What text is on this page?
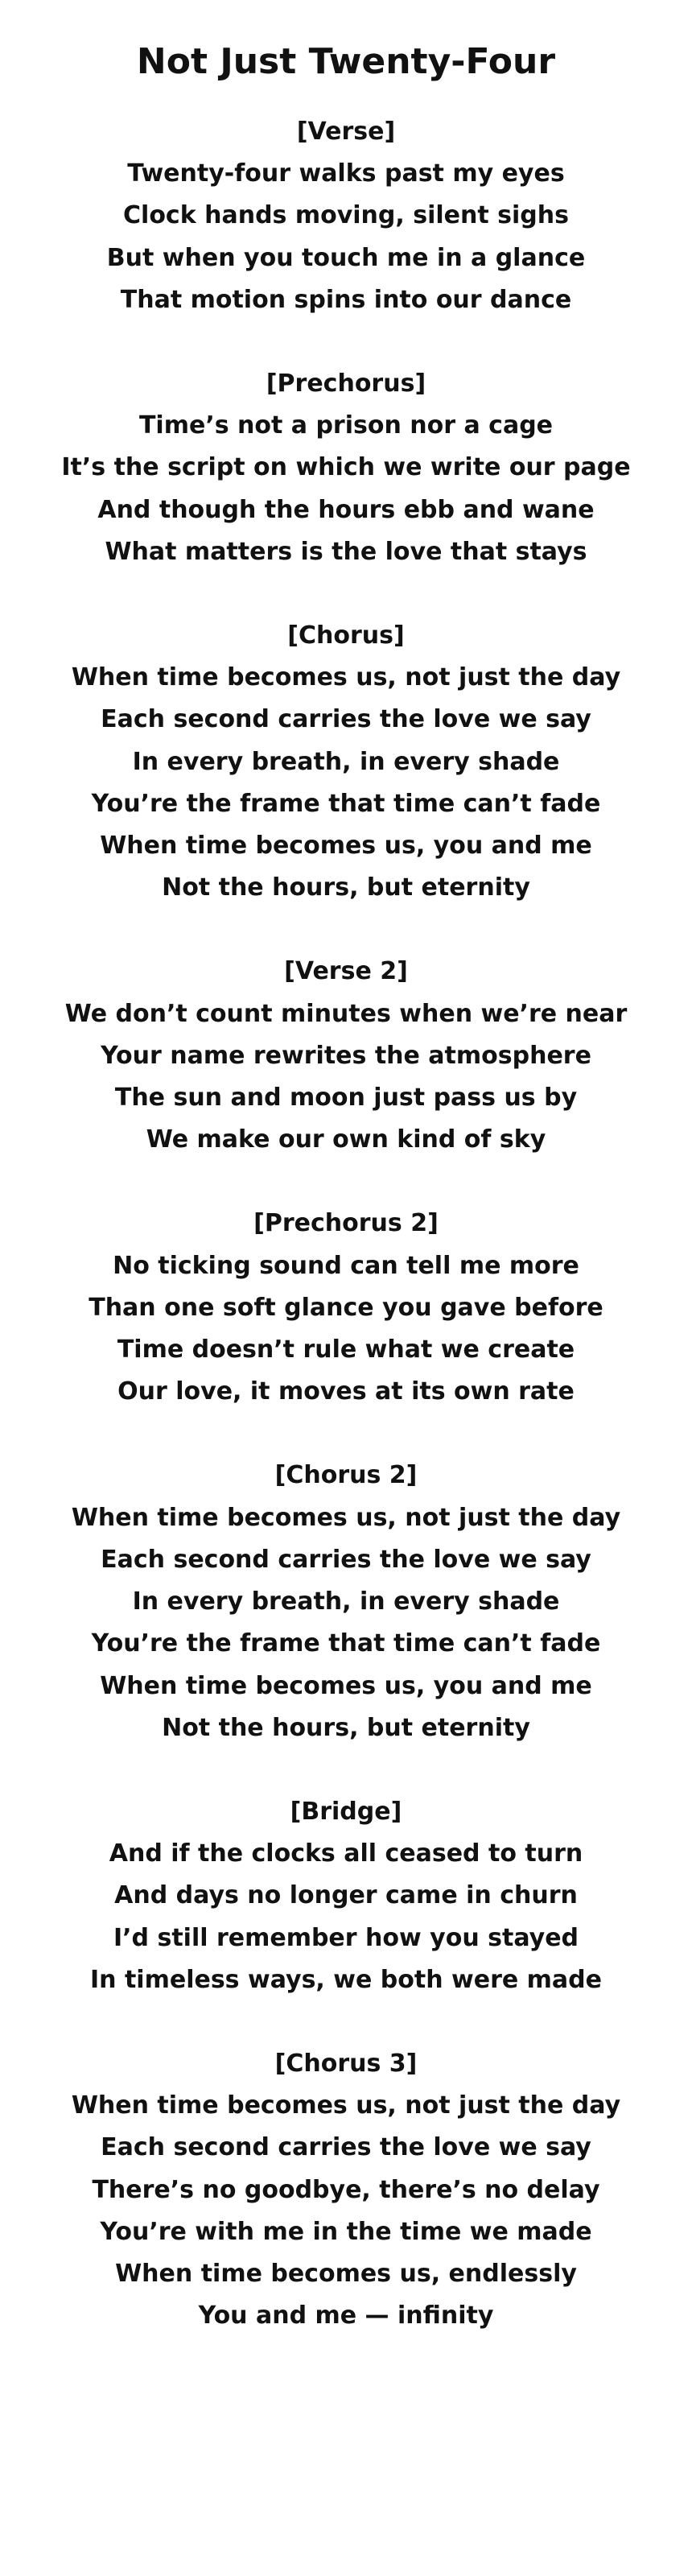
Not Just Twenty-Four
[Verse]
Twenty-four walks past my eyes
Clock hands moving, silent sighs
But when you touch me in a glance
That motion spins into our dance
[Prechorus]
Time’s not a prison nor a cage
It’s the script on which we write our page
And though the hours ebb and wane
What matters is the love that stays
[Chorus]
When time becomes us, not just the day
Each second carries the love we say
In every breath, in every shade
You’re the frame that time can’t fade
When time becomes us, you and me
Not the hours, but eternity
[Verse 2]
We don’t count minutes when we’re near
Your name rewrites the atmosphere
The sun and moon just pass us by
We make our own kind of sky
[Prechorus 2]
No ticking sound can tell me more
Than one soft glance you gave before
Time doesn’t rule what we create
Our love, it moves at its own rate
[Chorus 2]
When time becomes us, not just the day
Each second carries the love we say
In every breath, in every shade
You’re the frame that time can’t fade
When time becomes us, you and me
Not the hours, but eternity
[Bridge]
And if the clocks all ceased to turn
And days no longer came in churn
I’d still remember how you stayed
In timeless ways, we both were made
[Chorus 3]
When time becomes us, not just the day
Each second carries the love we say
There’s no goodbye, there’s no delay
You’re with me in the time we made
When time becomes us, endlessly
You and me — infinity
